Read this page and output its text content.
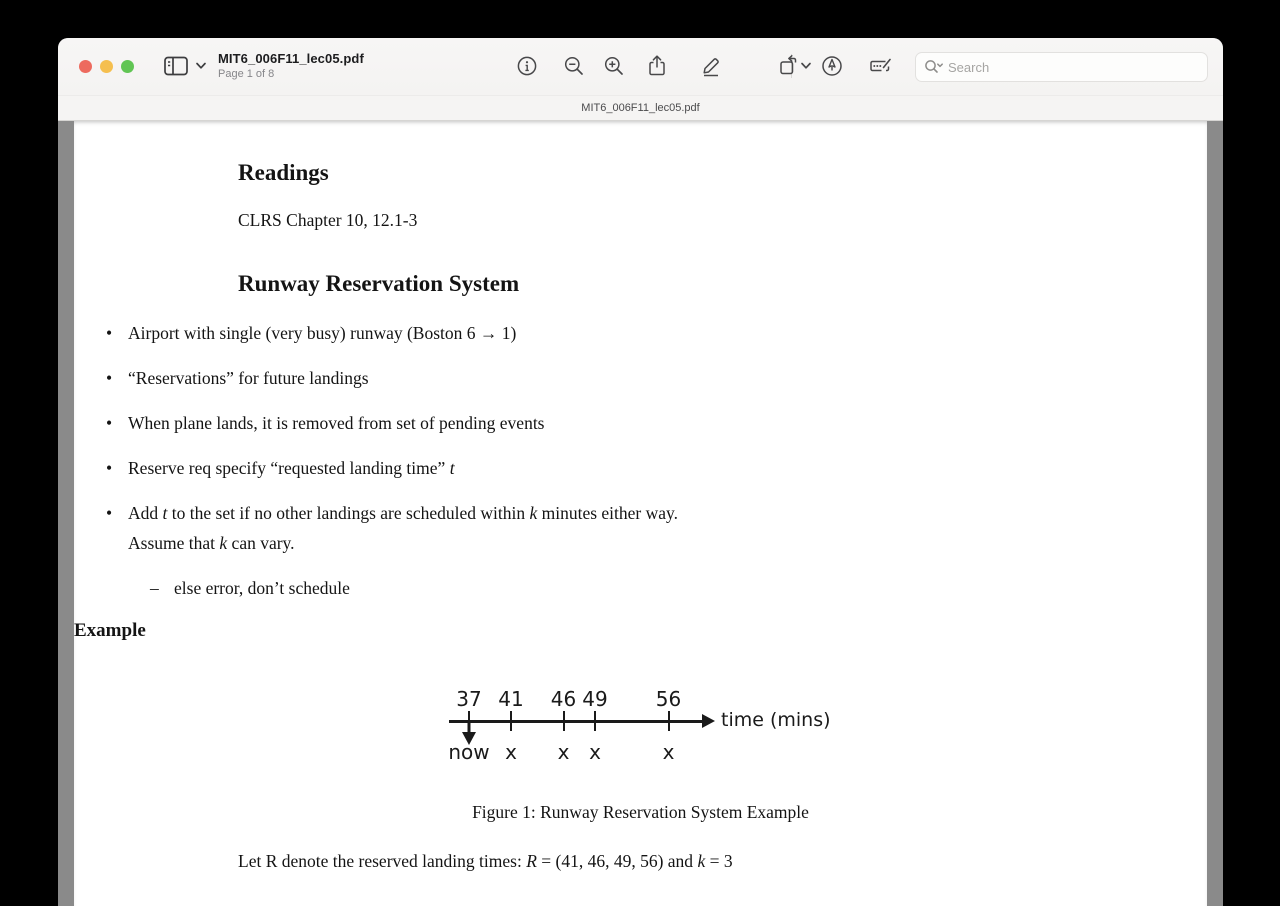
MIT6_006F11_lec05.pdf
Page 1 of 8
Search
MIT6_006F11_lec05.pdf
Readings

CLRS Chapter 10, 12.1-3

Runway Reservation System
• Airport with single (very busy) runway (Boston 6 → 1)
• “Reservations” for future landings
• When plane lands, it is removed from set of pending events
• Reserve req specify “requested landing time” t
• Add t to the set if no other landings are scheduled within k minutes either way.
Assume that k can vary.
– else error, don’t schedule
Example
time (mins)
37
now
41
x
46
x
49
x
56
x

Figure 1: Runway Reservation System Example

Let R denote the reserved landing times: R = (41, 46, 49, 56) and k = 3
